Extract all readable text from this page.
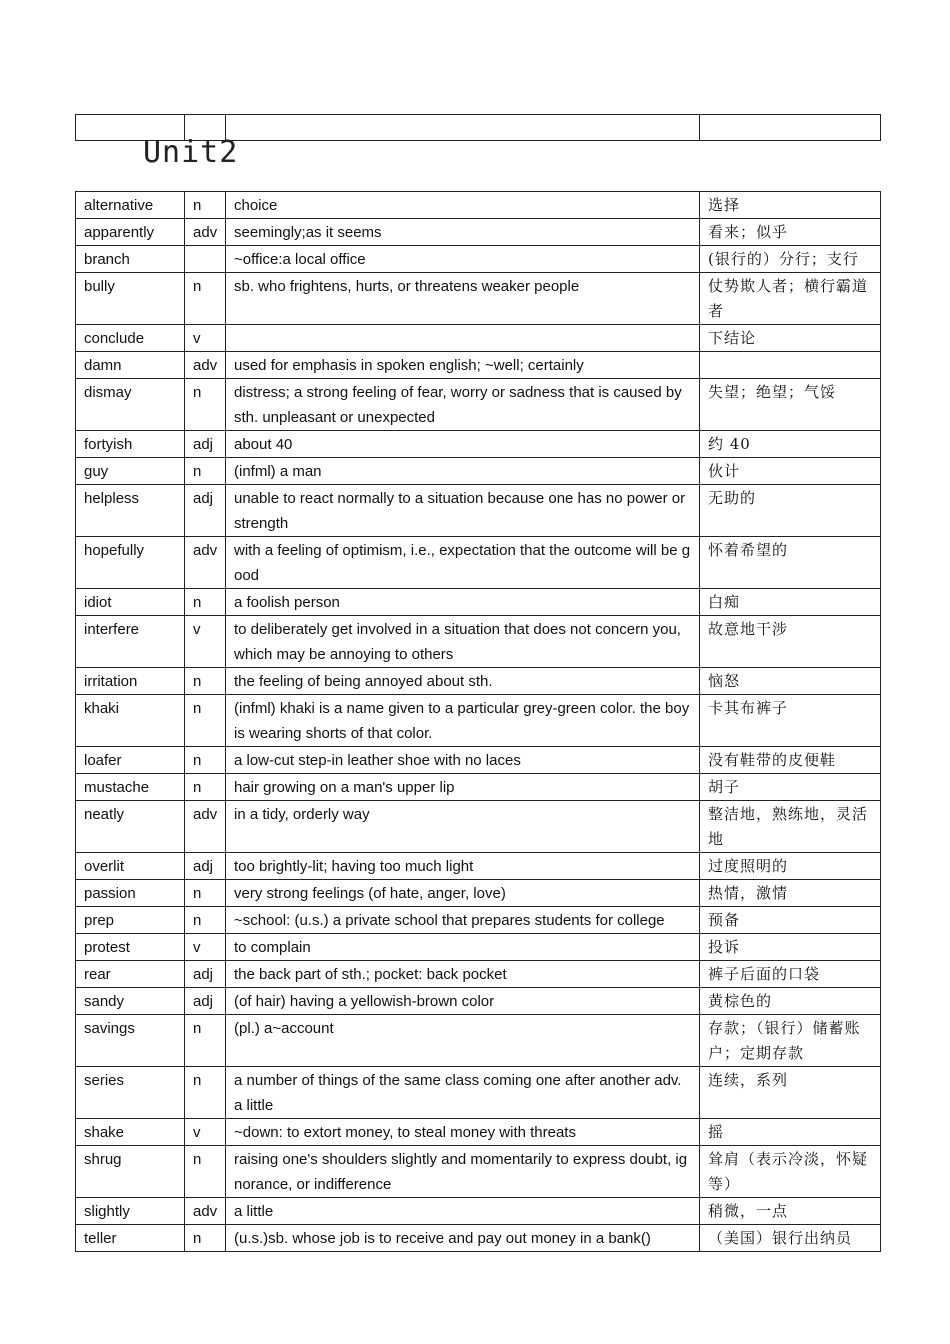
Unit2
alternative	n	choice	选择
apparently	adv	seemingly;as it seems	看来；似乎
branch		~office:a local office	(银行的）分行；支行
bully	n	sb. who frightens, hurts, or threatens weaker people	仗势欺人者；横行霸道者
conclude	v		下结论
damn	adv	used for emphasis in spoken english; ~well; certainly	
dismay	n	distress; a strong feeling of fear, worry or sadness that is caused by sth. unpleasant or unexpected	失望；绝望；气馁
fortyish	adj	about 40	约 40
guy	n	(infml) a man	伙计
helpless	adj	unable to react normally to a situation because one has no power or strength	无助的
hopefully	adv	with a feeling of optimism, i.e., expectation that the outcome will be good	怀着希望的
idiot	n	a foolish person	白痴
interfere	v	to deliberately get involved in a situation that does not concern you, which may be annoying to others	故意地干涉
irritation	n	the feeling of being annoyed about sth.	恼怒
khaki	n	(infml) khaki is a name given to a particular grey-green color. the boy is wearing shorts of that color.	卡其布裤子
loafer	n	a low-cut step-in leather shoe with no laces	没有鞋带的皮便鞋
mustache	n	hair growing on a man's upper lip	胡子
neatly	adv	in a tidy, orderly way	整洁地，熟练地，灵活地
overlit	adj	too brightly-lit; having too much light	过度照明的
passion	n	very strong feelings (of hate, anger, love)	热情，激情
prep	n	~school: (u.s.) a private school that prepares students for college	预备
protest	v	to complain	投诉
rear	adj	the back part of sth.; pocket: back pocket	裤子后面的口袋
sandy	adj	(of hair) having a yellowish-brown color	黄棕色的
savings	n	(pl.) a~account	存款；（银行）储蓄账户；定期存款
series	n	a number of things of the same class coming one after another adv. a little	连续，系列
shake	v	~down: to extort money, to steal money with threats	摇
shrug	n	raising one's shoulders slightly and momentarily to express doubt, ignorance, or indifference	耸肩（表示冷淡，怀疑等）
slightly	adv	a little	稍微，一点
teller	n	(u.s.)sb. whose job is to receive and pay out money in a bank()	（美国）银行出纳员
